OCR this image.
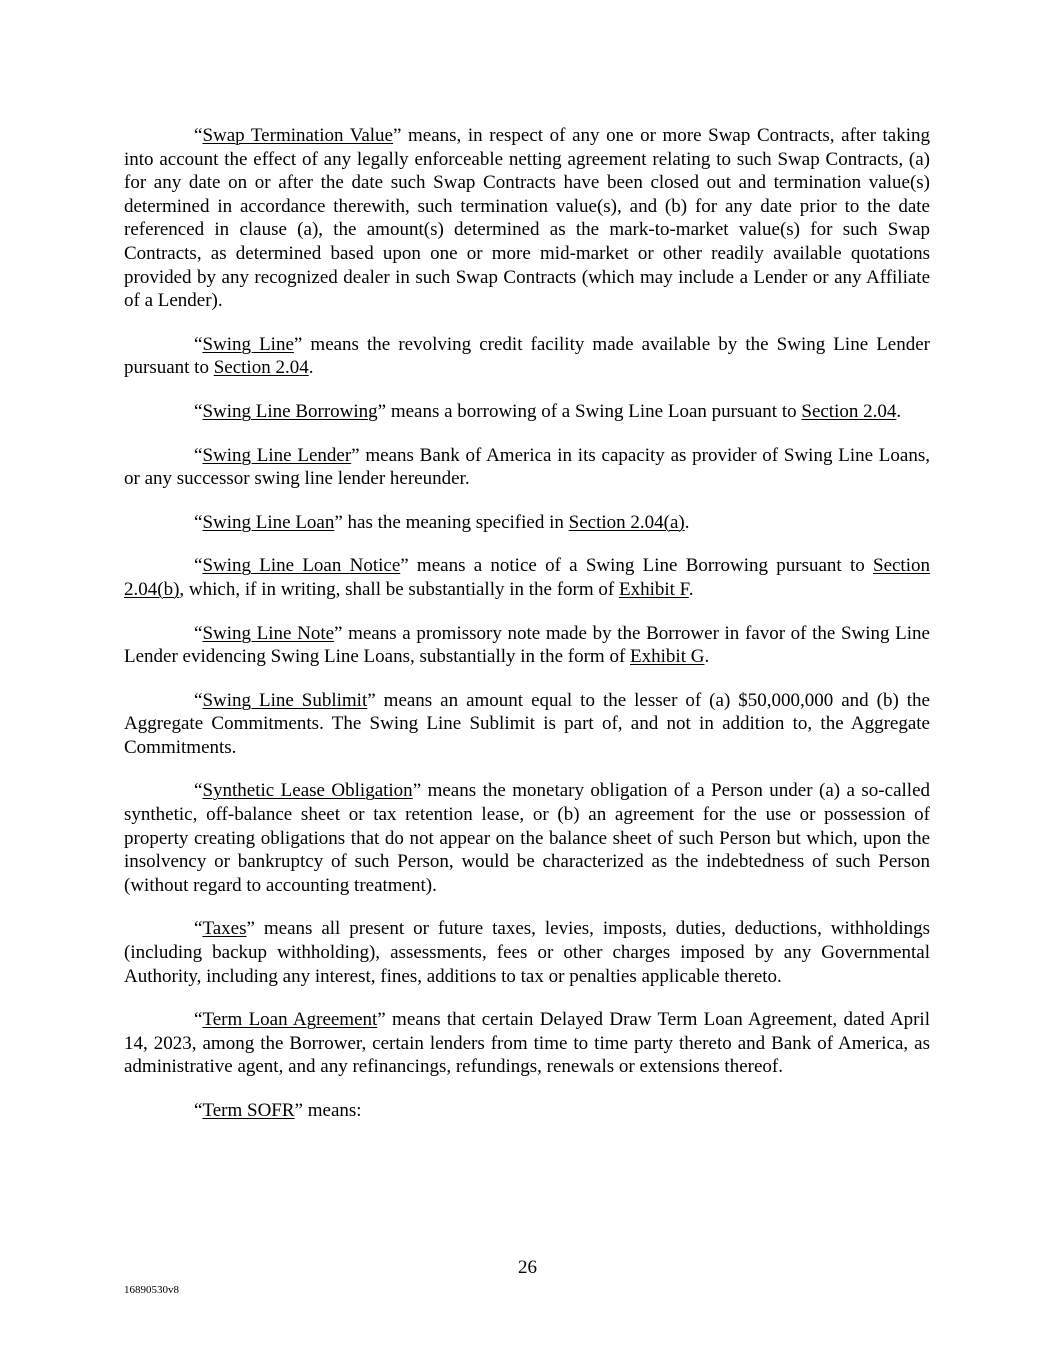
“Swap Termination Value” means, in respect of any one or more Swap Contracts, after taking into account the effect of any legally enforceable netting agreement relating to such Swap Contracts, (a) for any date on or after the date such Swap Contracts have been closed out and termination value(s) determined in accordance therewith, such termination value(s), and (b) for any date prior to the date referenced in clause (a), the amount(s) determined as the mark-to-market value(s) for such Swap Contracts, as determined based upon one or more mid-market or other readily available quotations provided by any recognized dealer in such Swap Contracts (which may include a Lender or any Affiliate of a Lender).

“Swing Line” means the revolving credit facility made available by the Swing Line Lender pursuant to Section 2.04.

“Swing Line Borrowing” means a borrowing of a Swing Line Loan pursuant to Section 2.04.

“Swing Line Lender” means Bank of America in its capacity as provider of Swing Line Loans, or any successor swing line lender hereunder.

“Swing Line Loan” has the meaning specified in Section 2.04(a).

“Swing Line Loan Notice” means a notice of a Swing Line Borrowing pursuant to Section 2.04(b), which, if in writing, shall be substantially in the form of Exhibit F.

“Swing Line Note” means a promissory note made by the Borrower in favor of the Swing Line Lender evidencing Swing Line Loans, substantially in the form of Exhibit G.

“Swing Line Sublimit” means an amount equal to the lesser of (a) $50,000,000 and (b) the Aggregate Commitments. The Swing Line Sublimit is part of, and not in addition to, the Aggregate Commitments.

“Synthetic Lease Obligation” means the monetary obligation of a Person under (a) a so-called synthetic, off-balance sheet or tax retention lease, or (b) an agreement for the use or possession of property creating obligations that do not appear on the balance sheet of such Person but which, upon the insolvency or bankruptcy of such Person, would be characterized as the indebtedness of such Person (without regard to accounting treatment).

“Taxes” means all present or future taxes, levies, imposts, duties, deductions, withholdings (including backup withholding), assessments, fees or other charges imposed by any Governmental Authority, including any interest, fines, additions to tax or penalties applicable thereto.

“Term Loan Agreement” means that certain Delayed Draw Term Loan Agreement, dated April 14, 2023, among the Borrower, certain lenders from time to time party thereto and Bank of America, as administrative agent, and any refinancings, refundings, renewals or extensions thereof.

“Term SOFR” means:

26
16890530v8
